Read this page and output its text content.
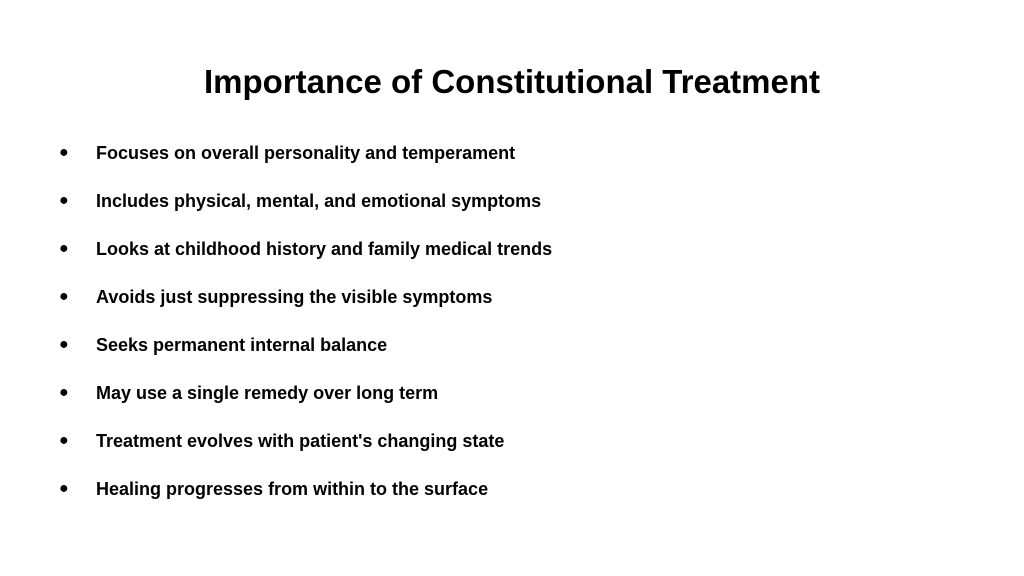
Importance of Constitutional Treatment
● Focuses on overall personality and temperament
● Includes physical, mental, and emotional symptoms
● Looks at childhood history and family medical trends
● Avoids just suppressing the visible symptoms
● Seeks permanent internal balance
● May use a single remedy over long term
● Treatment evolves with patient's changing state
● Healing progresses from within to the surface
